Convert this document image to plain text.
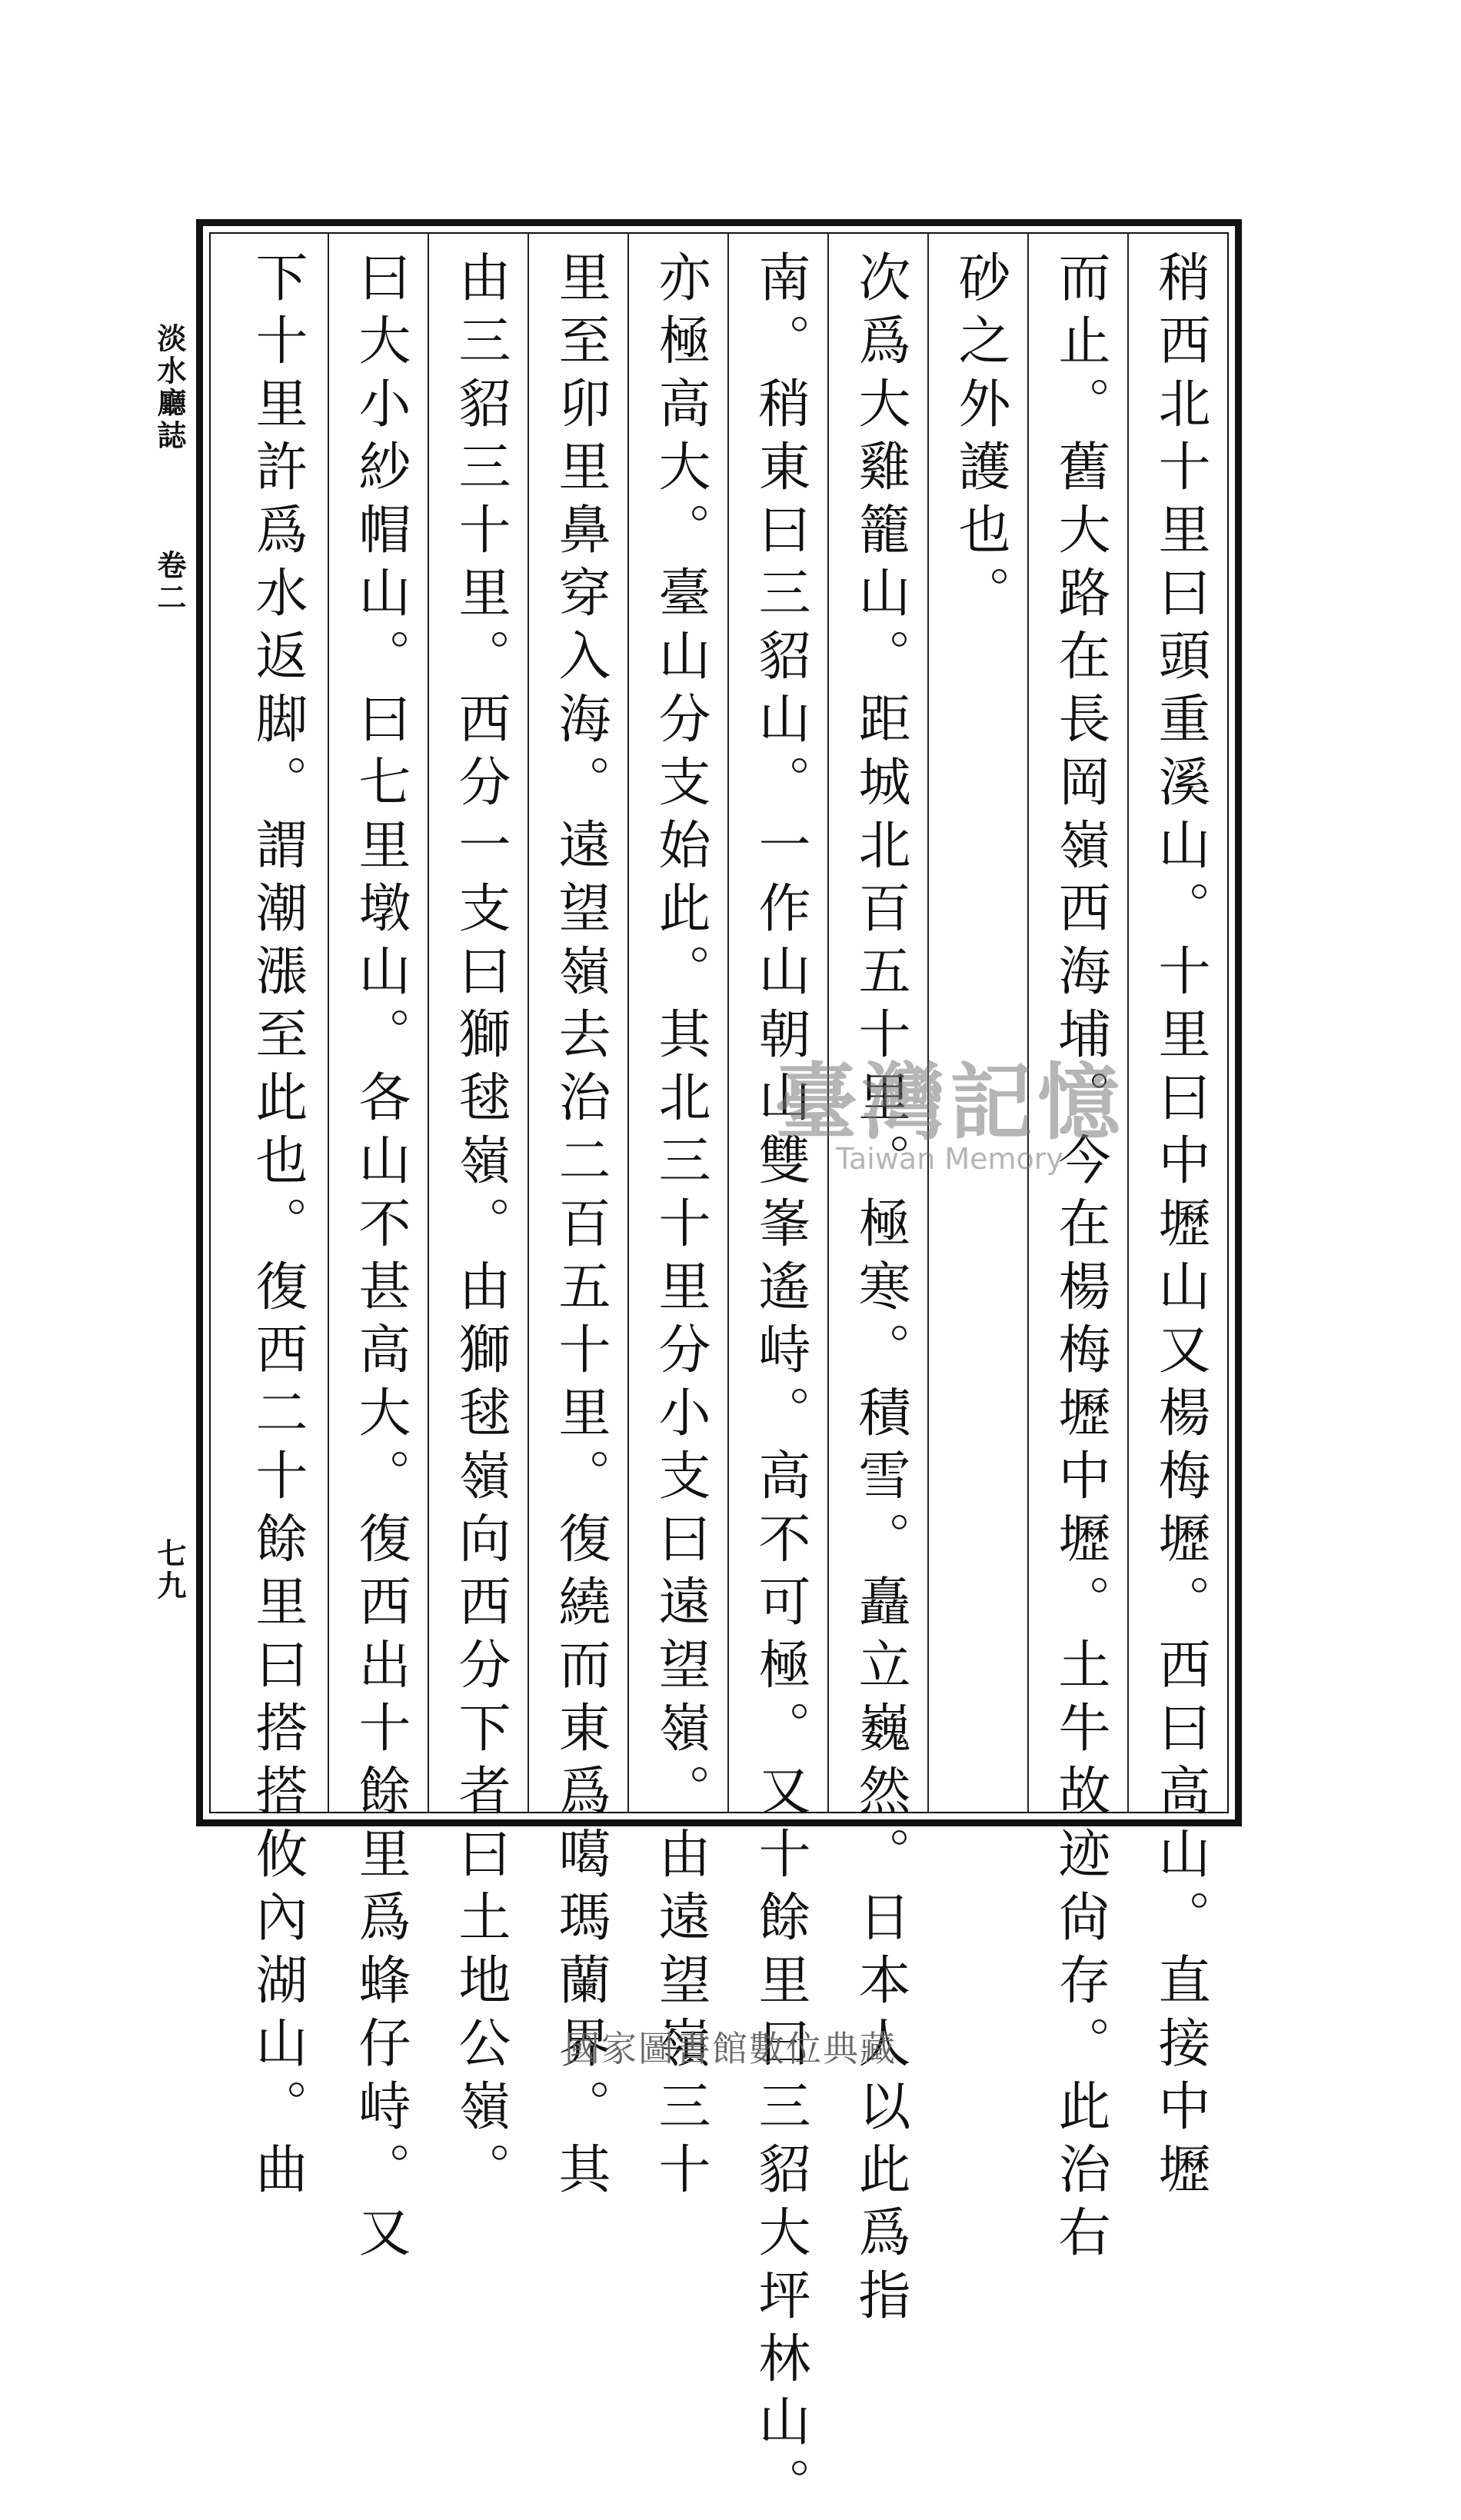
淡水廳誌
卷二
七九	稍西北十里曰頭重溪山。十里曰中壢山又楊梅壢。西曰高山。直接中壢
而止。舊大路在長岡嶺西海埔。今在楊梅壢中壢。土牛故迹尙存。此治右
砂之外護也。
次爲大雞籠山。距城北百五十里。極寒。積雪。矗立巍然。日本人以此爲指
南。稍東曰三貂山。一作山朝山雙峯遙峙。高不可極。又十餘里曰三貂大坪林山。
亦極高大。臺山分支始此。其北三十里分小支曰遠望嶺。由遠望嶺三十
里至卯里鼻穿入海。遠望嶺去治二百五十里。復繞而東爲噶瑪蘭界。其
由三貂三十里。西分一支曰獅毬嶺。由獅毬嶺向西分下者曰土地公嶺。
曰大小紗帽山。曰七里墩山。各山不甚高大。復西出十餘里爲蜂仔峙。又
下十里許爲水返脚。謂潮漲至此也。復西二十餘里曰搭搭攸內湖山。曲	臺灣記憶
Taiwan Memory
國家圖書館數位典藏
